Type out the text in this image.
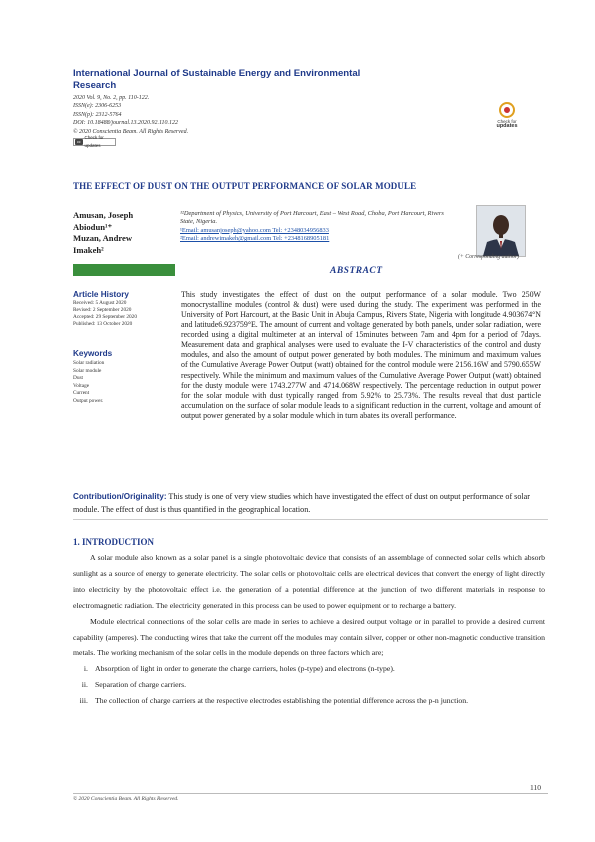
International Journal of Sustainable Energy and Environmental Research
2020 Vol. 9, No. 2, pp. 110-122.
ISSN(e): 2306-6253
ISSN(p): 2312-5764
DOI: 10.18488/journal.13.2020.92.110.122
© 2020 Conscientia Beam. All Rights Reserved.
cc
Check for updates
Check for
updates
THE EFFECT OF DUST ON THE OUTPUT PERFORMANCE OF SOLAR MODULE
Amusan, Joseph Abiodun¹⁺
Muzan, Andrew Imakeh²
¹²Department of Physics, University of Port Harcourt, East – West Road, Choba, Port Harcourt, Rivers State, Nigeria.
¹Email: amusanjoseph@yahoo.com Tel: +2348034956833
²Email: andrewimakeh@gmail.com Tel: +2348168905181
(+ Corresponding author)
ABSTRACT
Article History
Received: 5 August 2020
Revised: 2 September 2020
Accepted: 29 September 2020
Published: 13 October 2020
Keywords
Solar radiation
Solar module
Dust
Voltage
Current
Output power.
This study investigates the effect of dust on the output performance of a solar module. Two 250W monocrystalline modules (control & dust) were used during the study. The experiment was performed in the University of Port Harcourt, at the Basic Unit in Abuja Campus, Rivers State, Nigeria with longitude 4.903674°N and latitude6.923759°E. The amount of current and voltage generated by both panels, under solar radiation, were recorded using a digital multimeter at an interval of 15minutes between 7am and 4pm for a period of 7days. Measurement data and graphical analyses were used to evaluate the I-V characteristics of the control and dusty modules, and also the amount of output power generated by both modules. The minimum and maximum values of the Cumulative Average Power Output (watt) obtained for the control module were 2156.16W and 5790.655W respectively. While the minimum and maximum values of the Cumulative Average Power Output (watt) obtained for the dusty module were 1743.277W and 4714.068W respectively. The percentage reduction in output power for the solar module with dust typically ranged from 5.92% to 25.73%. The results reveal that dust particle accumulation on the surface of solar module leads to a significant reduction in the current, voltage and amount of output power generated by a solar module which in turn abates its overall performance.
Contribution/Originality: This study is one of very view studies which have investigated the effect of dust on output performance of solar module. The effect of dust is thus quantified in the geographical location.
1. INTRODUCTION

A solar module also known as a solar panel is a single photovoltaic device that consists of an assemblage of connected solar cells which absorb sunlight as a source of energy to generate electricity. The solar cells or photovoltaic cells are electrical devices that convert the energy of light directly into electricity by the photovoltaic effect i.e. the generation of a potential difference at the junction of two different materials in response to electromagnetic radiation. The electricity generated in this process can be used to power equipment or to recharge a battery.

Module electrical connections of the solar cells are made in series to achieve a desired output voltage or in parallel to provide a desired current capability (amperes). The conducting wires that take the current off the modules may contain silver, copper or other non-magnetic conductive transition metals. The working mechanism of the solar cells in the module depends on three factors which are;

i. Absorption of light in order to generate the charge carriers, holes (p-type) and electrons (n-type).
ii. Separation of charge carriers.
iii. The collection of charge carriers at the respective electrodes establishing the potential difference across the p-n junction.
110
© 2020 Conscientia Beam. All Rights Reserved.
